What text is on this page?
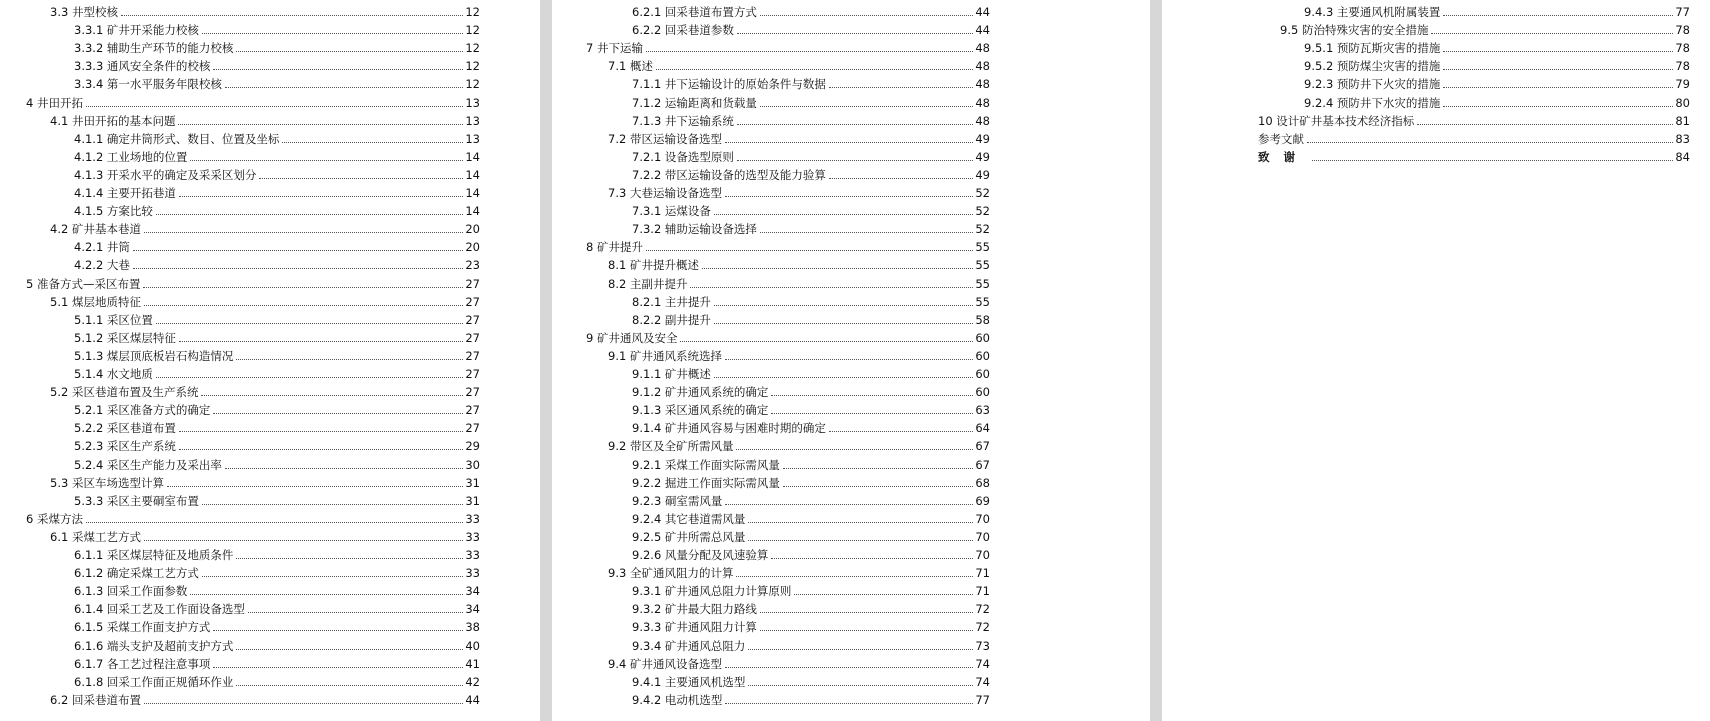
3.3 井型校核	12
3.3.1 矿井开采能力校核	12
3.3.2 辅助生产环节的能力校核	12
3.3.3 通风安全条件的校核	12
3.3.4 第一水平服务年限校核	12
4 井田开拓	13
4.1 井田开拓的基本问题	13
4.1.1 确定井筒形式、数目、位置及坐标	13
4.1.2 工业场地的位置	14
4.1.3 开采水平的确定及采采区划分	14
4.1.4 主要开拓巷道	14
4.1.5 方案比较	14
4.2 矿井基本巷道	20
4.2.1 井筒	20
4.2.2 大巷	23
5 准备方式—采区布置	27
5.1 煤层地质特征	27
5.1.1 采区位置	27
5.1.2 采区煤层特征	27
5.1.3 煤层顶底板岩石构造情况	27
5.1.4 水文地质	27
5.2 采区巷道布置及生产系统	27
5.2.1 采区准备方式的确定	27
5.2.2 采区巷道布置	27
5.2.3 采区生产系统	29
5.2.4 采区生产能力及采出率	30
5.3 采区车场选型计算	31
5.3.3 采区主要硐室布置	31
6 采煤方法	33
6.1 采煤工艺方式	33
6.1.1 采区煤层特征及地质条件	33
6.1.2 确定采煤工艺方式	33
6.1.3 回采工作面参数	34
6.1.4 回采工艺及工作面设备选型	34
6.1.5 采煤工作面支护方式	38
6.1.6 端头支护及超前支护方式	40
6.1.7 各工艺过程注意事项	41
6.1.8 回采工作面正规循环作业	42
6.2 回采巷道布置	44
6.2.1 回采巷道布置方式	44
6.2.2 回采巷道参数	44
7 井下运输	48
7.1 概述	48
7.1.1 井下运输设计的原始条件与数据	48
7.1.2 运输距离和货载量	48
7.1.3 井下运输系统	48
7.2 带区运输设备选型	49
7.2.1 设备选型原则	49
7.2.2 带区运输设备的选型及能力验算	49
7.3 大巷运输设备选型	52
7.3.1 运煤设备	52
7.3.2 辅助运输设备选择	52
8 矿井提升	55
8.1 矿井提升概述	55
8.2 主副井提升	55
8.2.1 主井提升	55
8.2.2 副井提升	58
9 矿井通风及安全	60
9.1 矿井通风系统选择	60
9.1.1 矿井概述	60
9.1.2 矿井通风系统的确定	60
9.1.3 采区通风系统的确定	63
9.1.4 矿井通风容易与困难时期的确定	64
9.2 带区及全矿所需风量	67
9.2.1 采煤工作面实际需风量	67
9.2.2 掘进工作面实际需风量	68
9.2.3 硐室需风量	69
9.2.4 其它巷道需风量	70
9.2.5 矿井所需总风量	70
9.2.6 风量分配及风速验算	70
9.3 全矿通风阻力的计算	71
9.3.1 矿井通风总阻力计算原则	71
9.3.2 矿井最大阻力路线	72
9.3.3 矿井通风阻力计算	72
9.3.4 矿井通风总阻力	73
9.4 矿井通风设备选型	74
9.4.1 主要通风机选型	74
9.4.2 电动机选型	77
9.4.3 主要通风机附属装置	77
9.5 防治特殊灾害的安全措施	78
9.5.1 预防瓦斯灾害的措施	78
9.5.2 预防煤尘灾害的措施	78
9.2.3 预防井下火灾的措施	79
9.2.4 预防井下水灾的措施	80
10 设计矿井基本技术经济指标	81
参考文献	83
致谢	84
